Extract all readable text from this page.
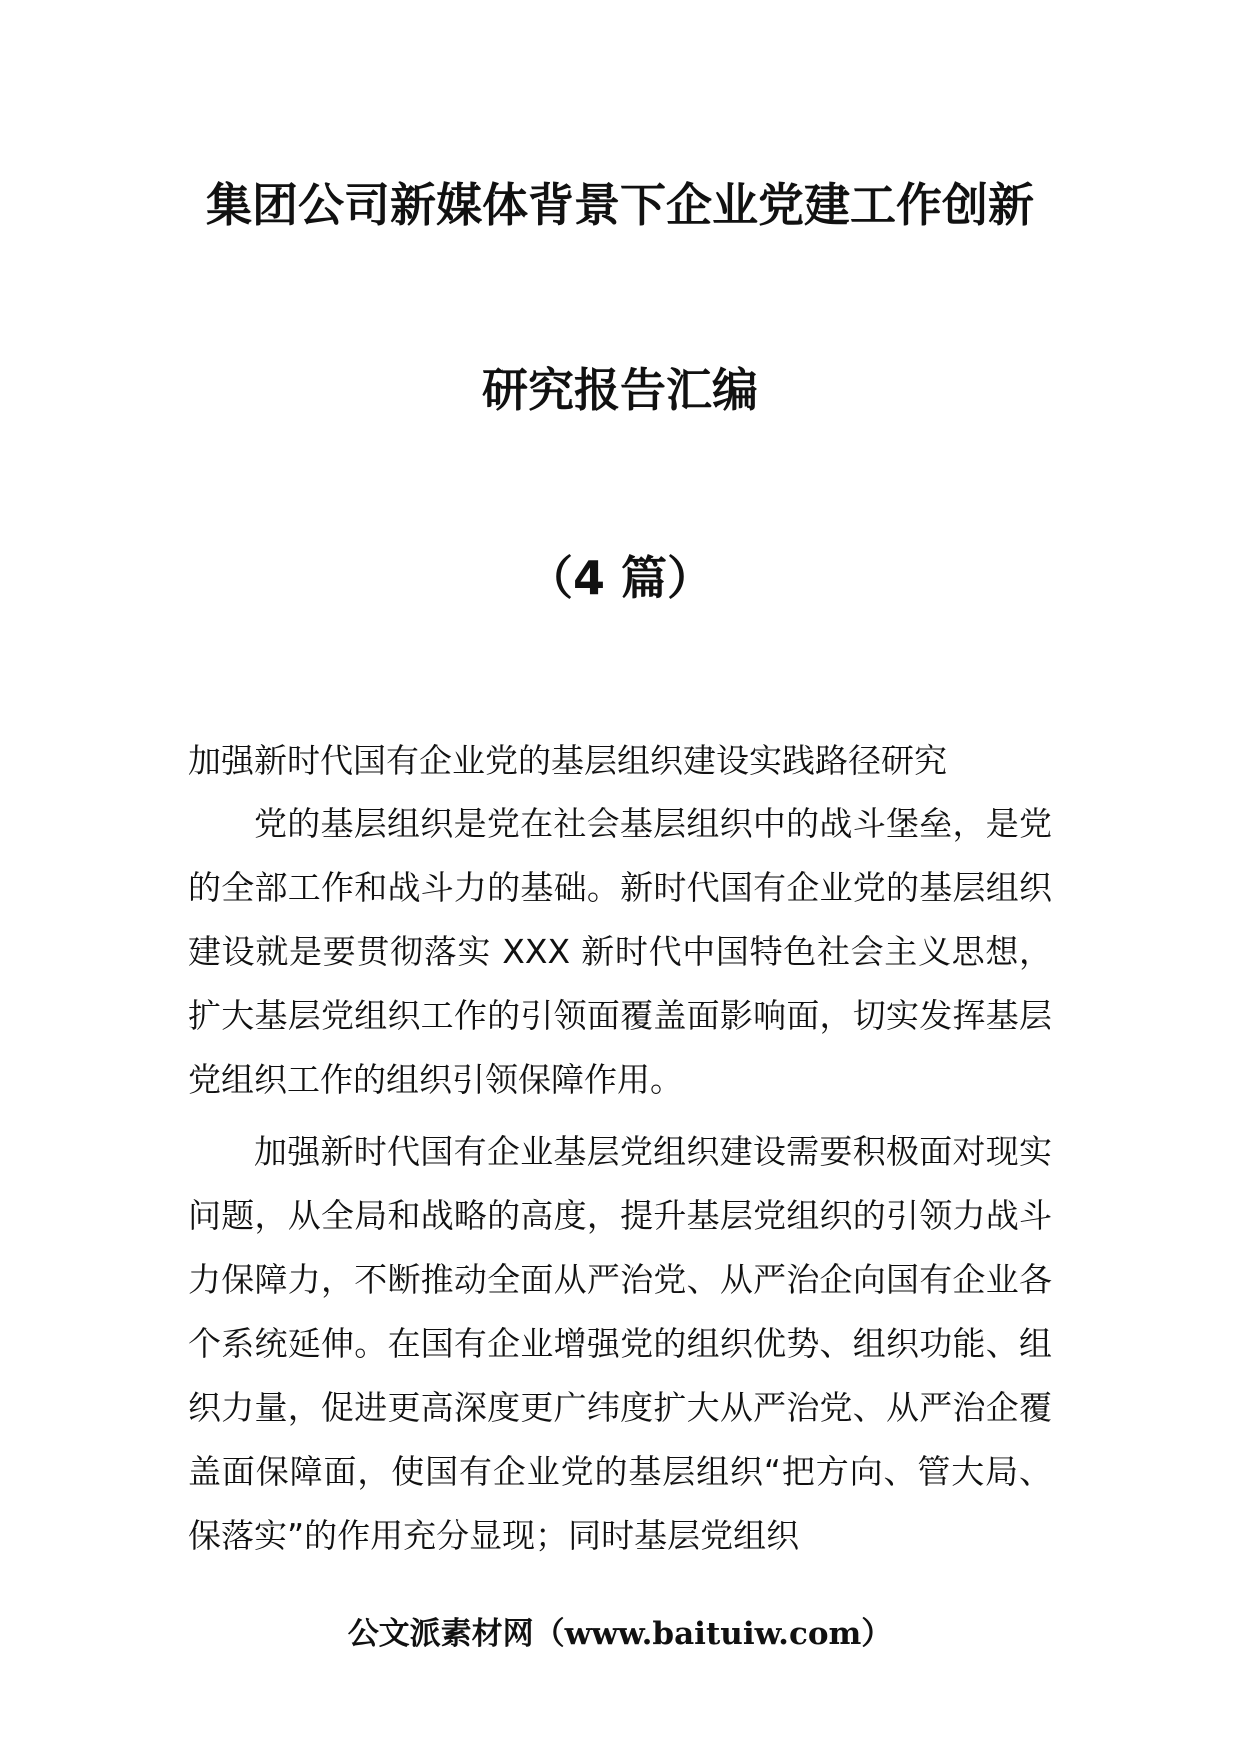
集团公司新媒体背景下企业党建工作创新
研究报告汇编
（4 篇）
加强新时代国有企业党的基层组织建设实践路径研究

党的基层组织是党在社会基层组织中的战斗堡垒，是党的全部工作和战斗力的基础。新时代国有企业党的基层组织建设就是要贯彻落实 XXX 新时代中国特色社会主义思想，扩大基层党组织工作的引领面覆盖面影响面，切实发挥基层党组织工作的组织引领保障作用。

加强新时代国有企业基层党组织建设需要积极面对现实问题，从全局和战略的高度，提升基层党组织的引领力战斗力保障力，不断推动全面从严治党、从严治企向国有企业各个系统延伸。在国有企业增强党的组织优势、组织功能、组织力量，促进更高深度更广纬度扩大从严治党、从严治企覆盖面保障面，使国有企业党的基层组织“把方向、管大局、保落实”的作用充分显现；同时基层党组织

公文派素材网（www.baituiw.com）
